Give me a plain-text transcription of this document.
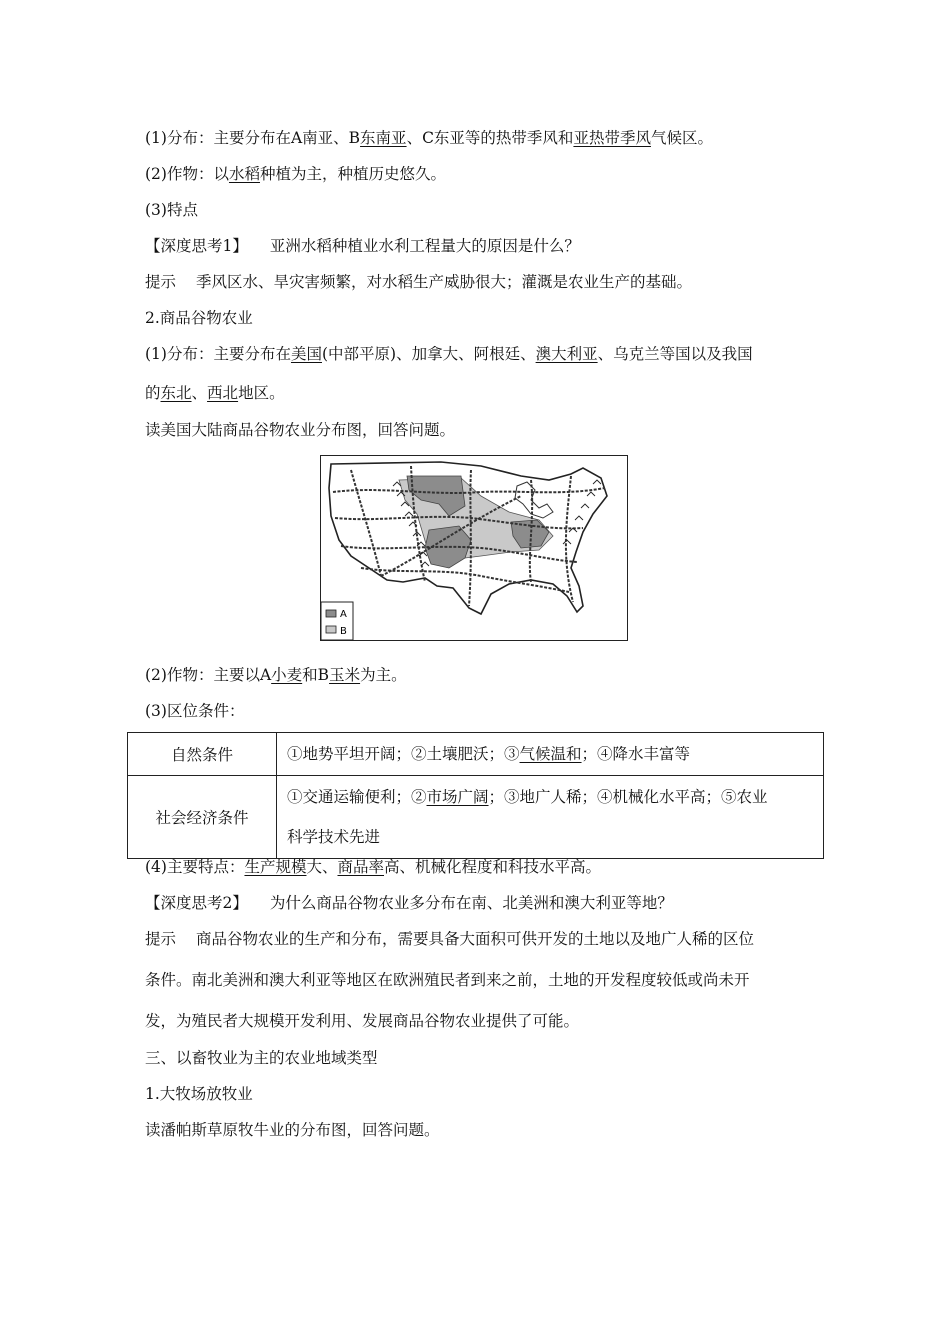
(1)分布：主要分布在A南亚、B东南亚、C东亚等的热带季风和亚热带季风气候区。
(2)作物：以水稻种植为主，种植历史悠久。
(3)特点
【深度思考1】 亚洲水稻种植业水利工程量大的原因是什么？
提示 季风区水、旱灾害频繁，对水稻生产威胁很大；灌溉是农业生产的基础。
2.商品谷物农业
(1)分布：主要分布在美国(中部平原)、加拿大、阿根廷、澳大利亚、乌克兰等国以及我国
的东北、西北地区。
读美国大陆商品谷物农业分布图，回答问题。
A
B
(2)作物：主要以A小麦和B玉米为主。
(3)区位条件：
自然条件	①地势平坦开阔；②土壤肥沃；③气候温和；④降水丰富等
社会经济条件	①交通运输便利；②市场广阔；③地广人稀；④机械化水平高；⑤农业
科学技术先进
(4)主要特点：生产规模大、商品率高、机械化程度和科技水平高。
【深度思考2】 为什么商品谷物农业多分布在南、北美洲和澳大利亚等地？
提示 商品谷物农业的生产和分布，需要具备大面积可供开发的土地以及地广人稀的区位
条件。南北美洲和澳大利亚等地区在欧洲殖民者到来之前，土地的开发程度较低或尚未开
发，为殖民者大规模开发利用、发展商品谷物农业提供了可能。
三、以畜牧业为主的农业地域类型
1.大牧场放牧业
读潘帕斯草原牧牛业的分布图，回答问题。
